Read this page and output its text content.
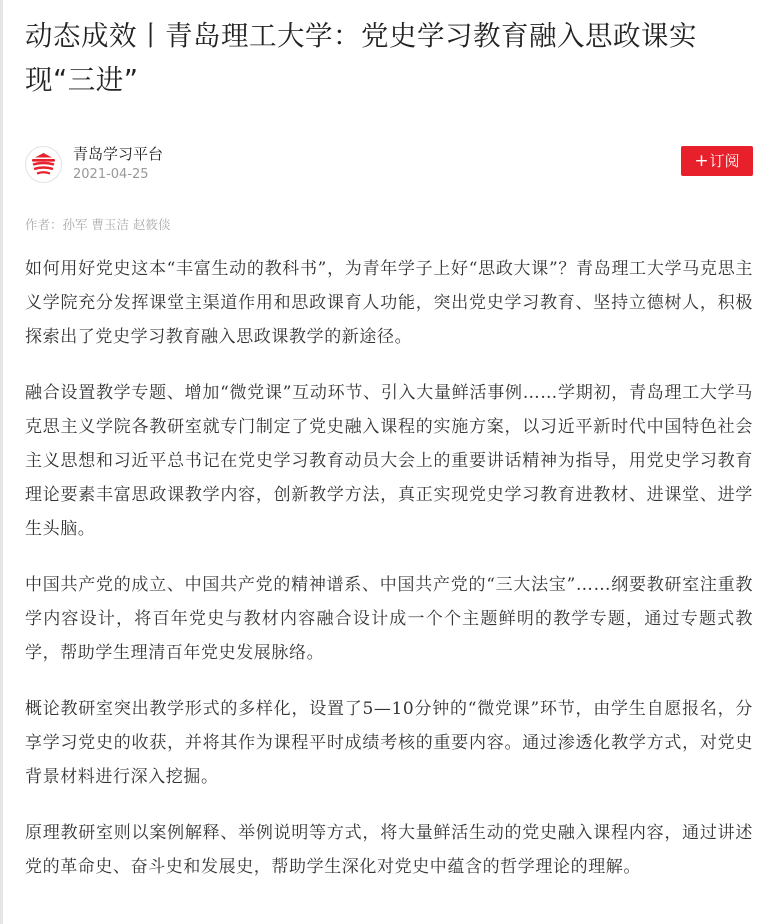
动态成效丨青岛理工大学：党史学习教育融入思政课实现“三进”
青岛学习平台
2021-04-25
+订阅
作者：孙军 曹玉洁 赵筱倓

如何用好党史这本“丰富生动的教科书”，为青年学子上好“思政大课”？青岛理工大学马克思主义学院充分发挥课堂主渠道作用和思政课育人功能，突出党史学习教育、坚持立德树人，积极探索出了党史学习教育融入思政课教学的新途径。

融合设置教学专题、增加“微党课”互动环节、引入大量鲜活事例……学期初，青岛理工大学马克思主义学院各教研室就专门制定了党史融入课程的实施方案，以习近平新时代中国特色社会主义思想和习近平总书记在党史学习教育动员大会上的重要讲话精神为指导，用党史学习教育理论要素丰富思政课教学内容，创新教学方法，真正实现党史学习教育进教材、进课堂、进学生头脑。

中国共产党的成立、中国共产党的精神谱系、中国共产党的“三大法宝”……纲要教研室注重教学内容设计，将百年党史与教材内容融合设计成一个个主题鲜明的教学专题，通过专题式教学，帮助学生理清百年党史发展脉络。

概论教研室突出教学形式的多样化，设置了5—10分钟的“微党课”环节，由学生自愿报名，分享学习党史的收获，并将其作为课程平时成绩考核的重要内容。通过渗透化教学方式，对党史背景材料进行深入挖掘。

原理教研室则以案例解释、举例说明等方式，将大量鲜活生动的党史融入课程内容，通过讲述党的革命史、奋斗史和发展史，帮助学生深化对党史中蕴含的哲学理论的理解。
